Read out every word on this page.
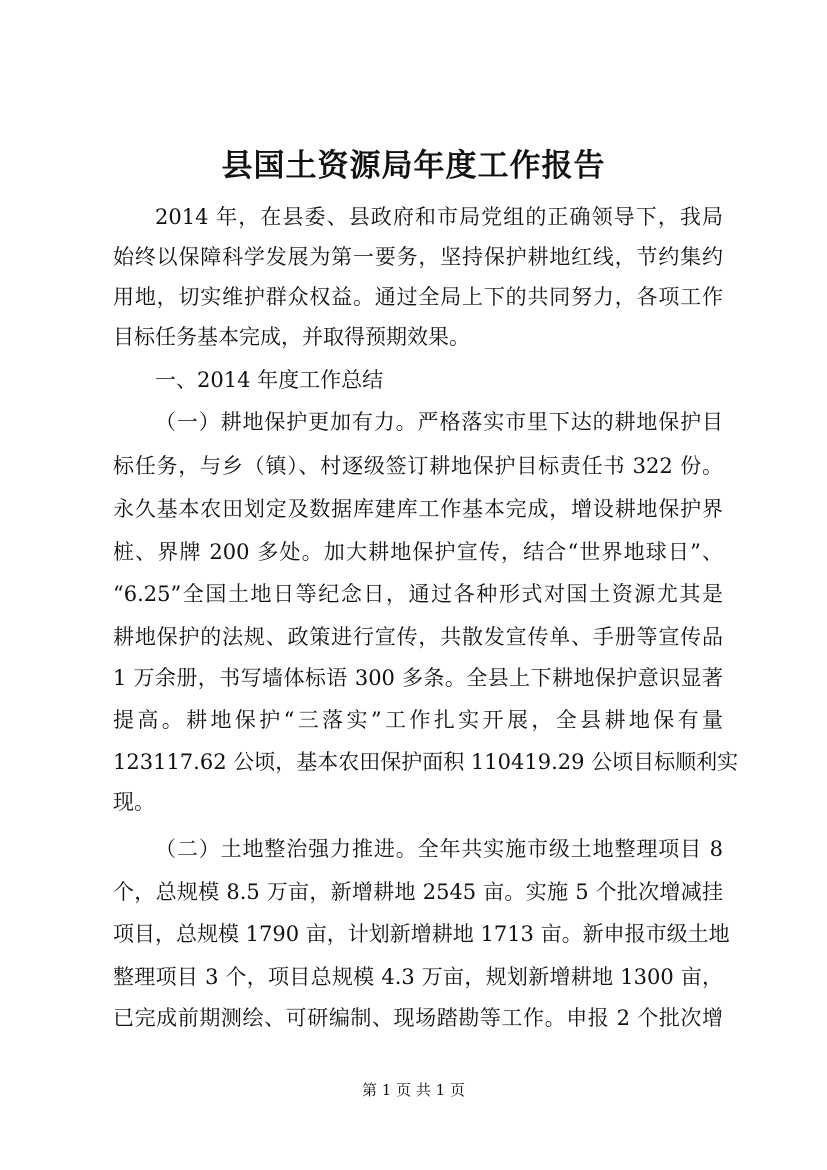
县国土资源局年度工作报告
2014 年，在县委、县政府和市局党组的正确领导下，我局
始终以保障科学发展为第一要务，坚持保护耕地红线，节约集约
用地，切实维护群众权益。通过全局上下的共同努力，各项工作
目标任务基本完成，并取得预期效果。
一、2014 年度工作总结
（一）耕地保护更加有力。严格落实市里下达的耕地保护目
标任务，与乡（镇）、村逐级签订耕地保护目标责任书 322 份。
永久基本农田划定及数据库建库工作基本完成，增设耕地保护界
桩、界牌 200 多处。加大耕地保护宣传，结合“世界地球日”、
“6.25”全国土地日等纪念日，通过各种形式对国土资源尤其是
耕地保护的法规、政策进行宣传，共散发宣传单、手册等宣传品
1 万余册，书写墙体标语 300 多条。全县上下耕地保护意识显著
提高。耕地保护“三落实”工作扎实开展，全县耕地保有量
123117.62 公顷，基本农田保护面积 110419.29 公顷目标顺利实
现。
（二）土地整治强力推进。全年共实施市级土地整理项目 8
个，总规模 8.5 万亩，新增耕地 2545 亩。实施 5 个批次增减挂
项目，总规模 1790 亩，计划新增耕地 1713 亩。新申报市级土地
整理项目 3 个，项目总规模 4.3 万亩，规划新增耕地 1300 亩，
已完成前期测绘、可研编制、现场踏勘等工作。申报 2 个批次增
第 1 页 共 1 页
